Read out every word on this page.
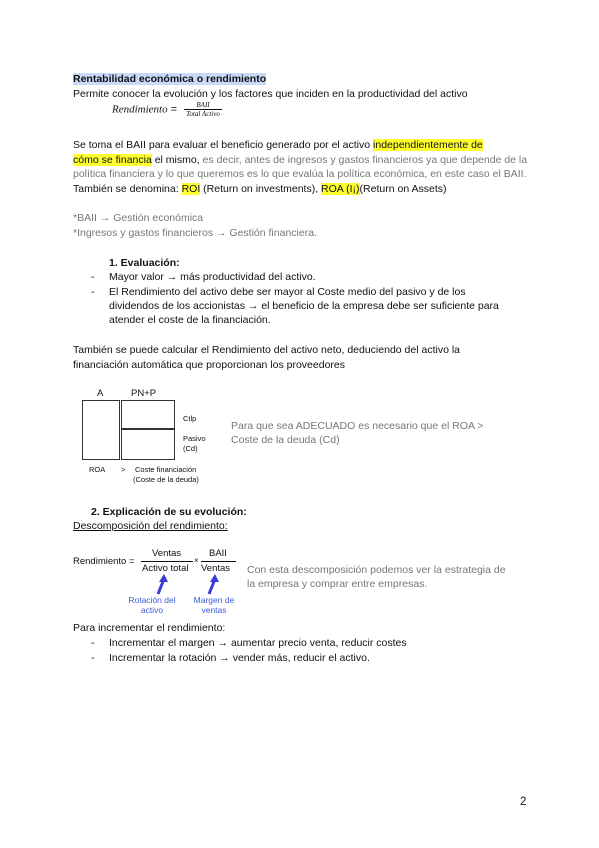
Rentabilidad económica o rendimiento
Permite conocer la evolución y los factores que inciden en la productividad del activo
Rendimiento = $\frac{\text{BAII}}{\text{Total Activo}}$
Se toma el BAII para evaluar el beneficio generado por el activo independientemente de
cómo se financia el mismo, es decir, antes de ingresos y gastos financieros ya que depende de la política financiera y lo que queremos es lo que evalúa la política económica, en este caso el BAII. También se denomina: ROI (Return on investments), ROA (I¡)(Return on Assets)
*BAII → Gestión económica
*Ingresos y gastos financieros → Gestión financiera.
1. Evaluación:
- Mayor valor → más productividad del activo.
- El Rendimiento del activo debe ser mayor al Coste medio del pasivo y de los
dividendos de los accionistas → el beneficio de la empresa debe ser suficiente para
atender el coste de la financiación.
También se puede calcular el Rendimiento del activo neto, deduciendo del activo la
financiación automática que proporcionan los proveedores
A	PN+P
Ctlp
Pasivo
(Cd)
ROA > Coste financiación
(Coste de la deuda)
Para que sea ADECUADO es necesario que el ROA >
Coste de la deuda (Cd)
2. Explicación de su evolución:
Descomposición del rendimiento:
Rendimiento =
Ventas
Activo total
×
BAII
Ventas
Rotación del
activo
Margen de
ventas
Con esta descomposición podemos ver la estrategia de
la empresa y comprar entre empresas.
Para incrementar el rendimiento:
- Incrementar el margen → aumentar precio venta, reducir costes
- Incrementar la rotación → vender más, reducir el activo.
2
